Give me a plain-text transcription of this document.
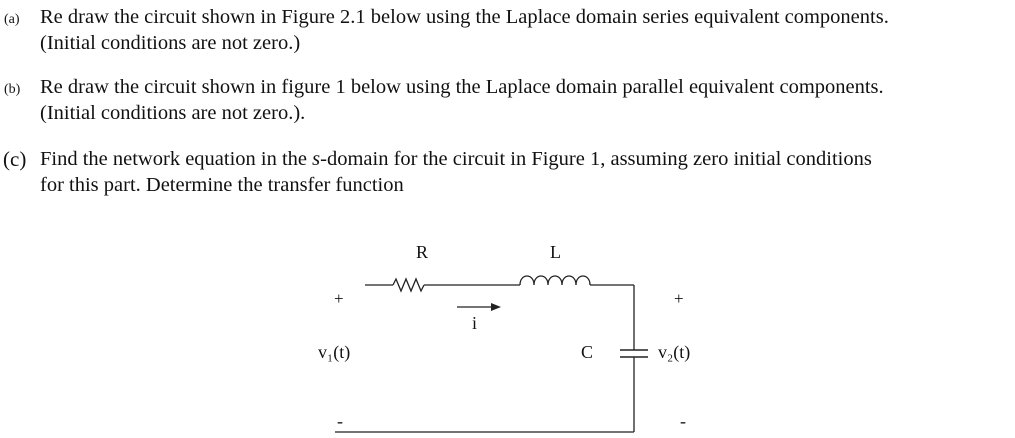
(a) Re draw the circuit shown in Figure 2.1 below using the Laplace domain series equivalent components.
(Initial conditions are not zero.)
(b) Re draw the circuit shown in figure 1 below using the Laplace domain parallel equivalent components.
(Initial conditions are not zero.).
(c) Find the network equation in the s-domain for the circuit in Figure 1, assuming zero initial conditions
for this part. Determine the transfer function
R	L
i
C
+
v₁(t)
-
+
v₂(t)
-
